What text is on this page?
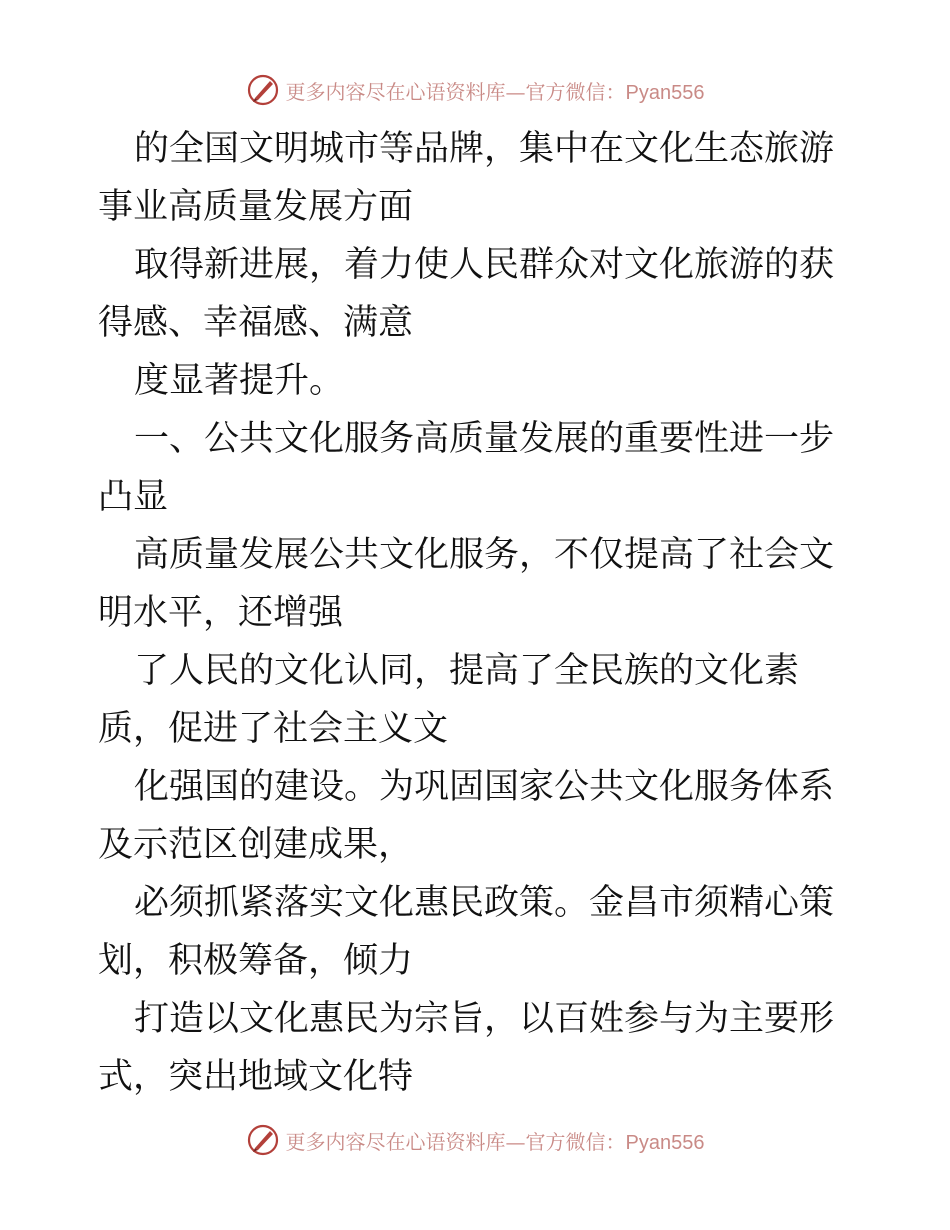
更多内容尽在心语资料库—官方微信：Pyan556

的全国文明城市等品牌，集中在文化生态旅游事业高质量发展方面

取得新进展，着力使人民群众对文化旅游的获得感、幸福感、满意

度显著提升。

一、公共文化服务高质量发展的重要性进一步凸显

高质量发展公共文化服务，不仅提高了社会文明水平，还增强

了人民的文化认同，提高了全民族的文化素质，促进了社会主义文

化强国的建设。为巩固国家公共文化服务体系及示范区创建成果，

必须抓紧落实文化惠民政策。金昌市须精心策划，积极筹备，倾力

打造以文化惠民为宗旨，以百姓参与为主要形式，突出地域文化特

更多内容尽在心语资料库—官方微信：Pyan556
